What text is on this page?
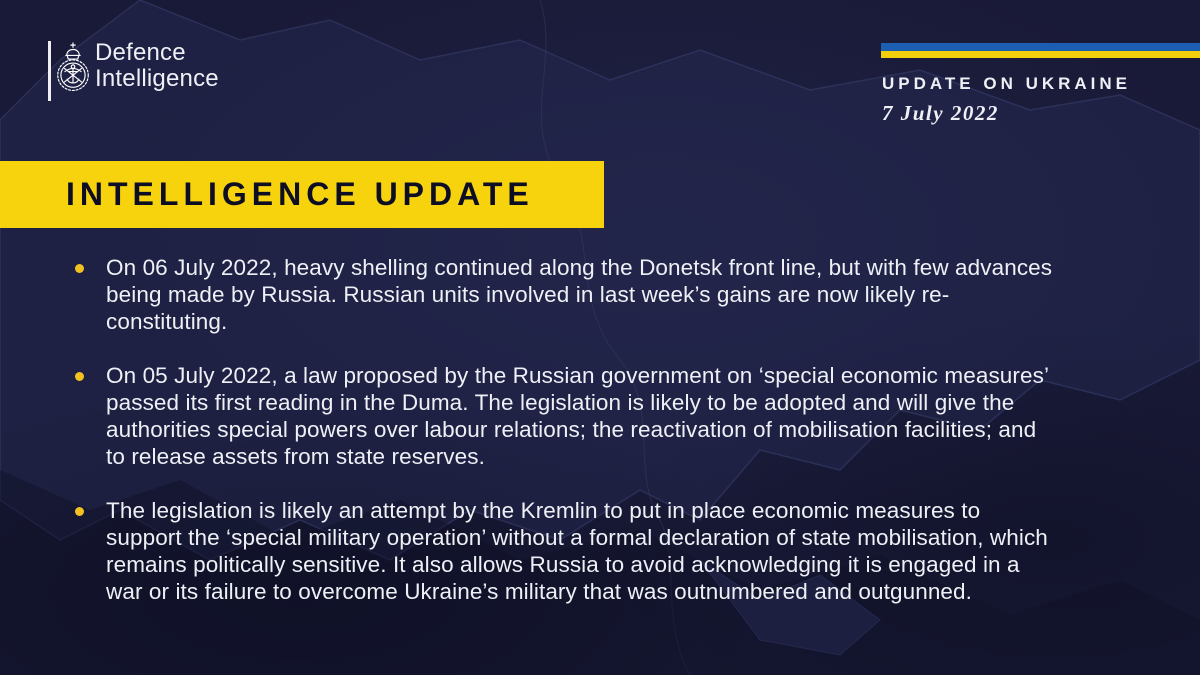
Defence
Intelligence	UPDATE ON UKRAINE
7 July 2022
INTELLIGENCE UPDATE
On 06 July 2022, heavy shelling continued along the Donetsk front line, but with few advances being made by Russia. Russian units involved in last week’s gains are now likely re-constituting.
On 05 July 2022, a law proposed by the Russian government on ‘special economic measures’ passed its first reading in the Duma. The legislation is likely to be adopted and will give the authorities special powers over labour relations; the reactivation of mobilisation facilities; and to release assets from state reserves.
The legislation is likely an attempt by the Kremlin to put in place economic measures to support the ‘special military operation’ without a formal declaration of state mobilisation, which remains politically sensitive. It also allows Russia to avoid acknowledging it is engaged in a war or its failure to overcome Ukraine’s military that was outnumbered and outgunned.
